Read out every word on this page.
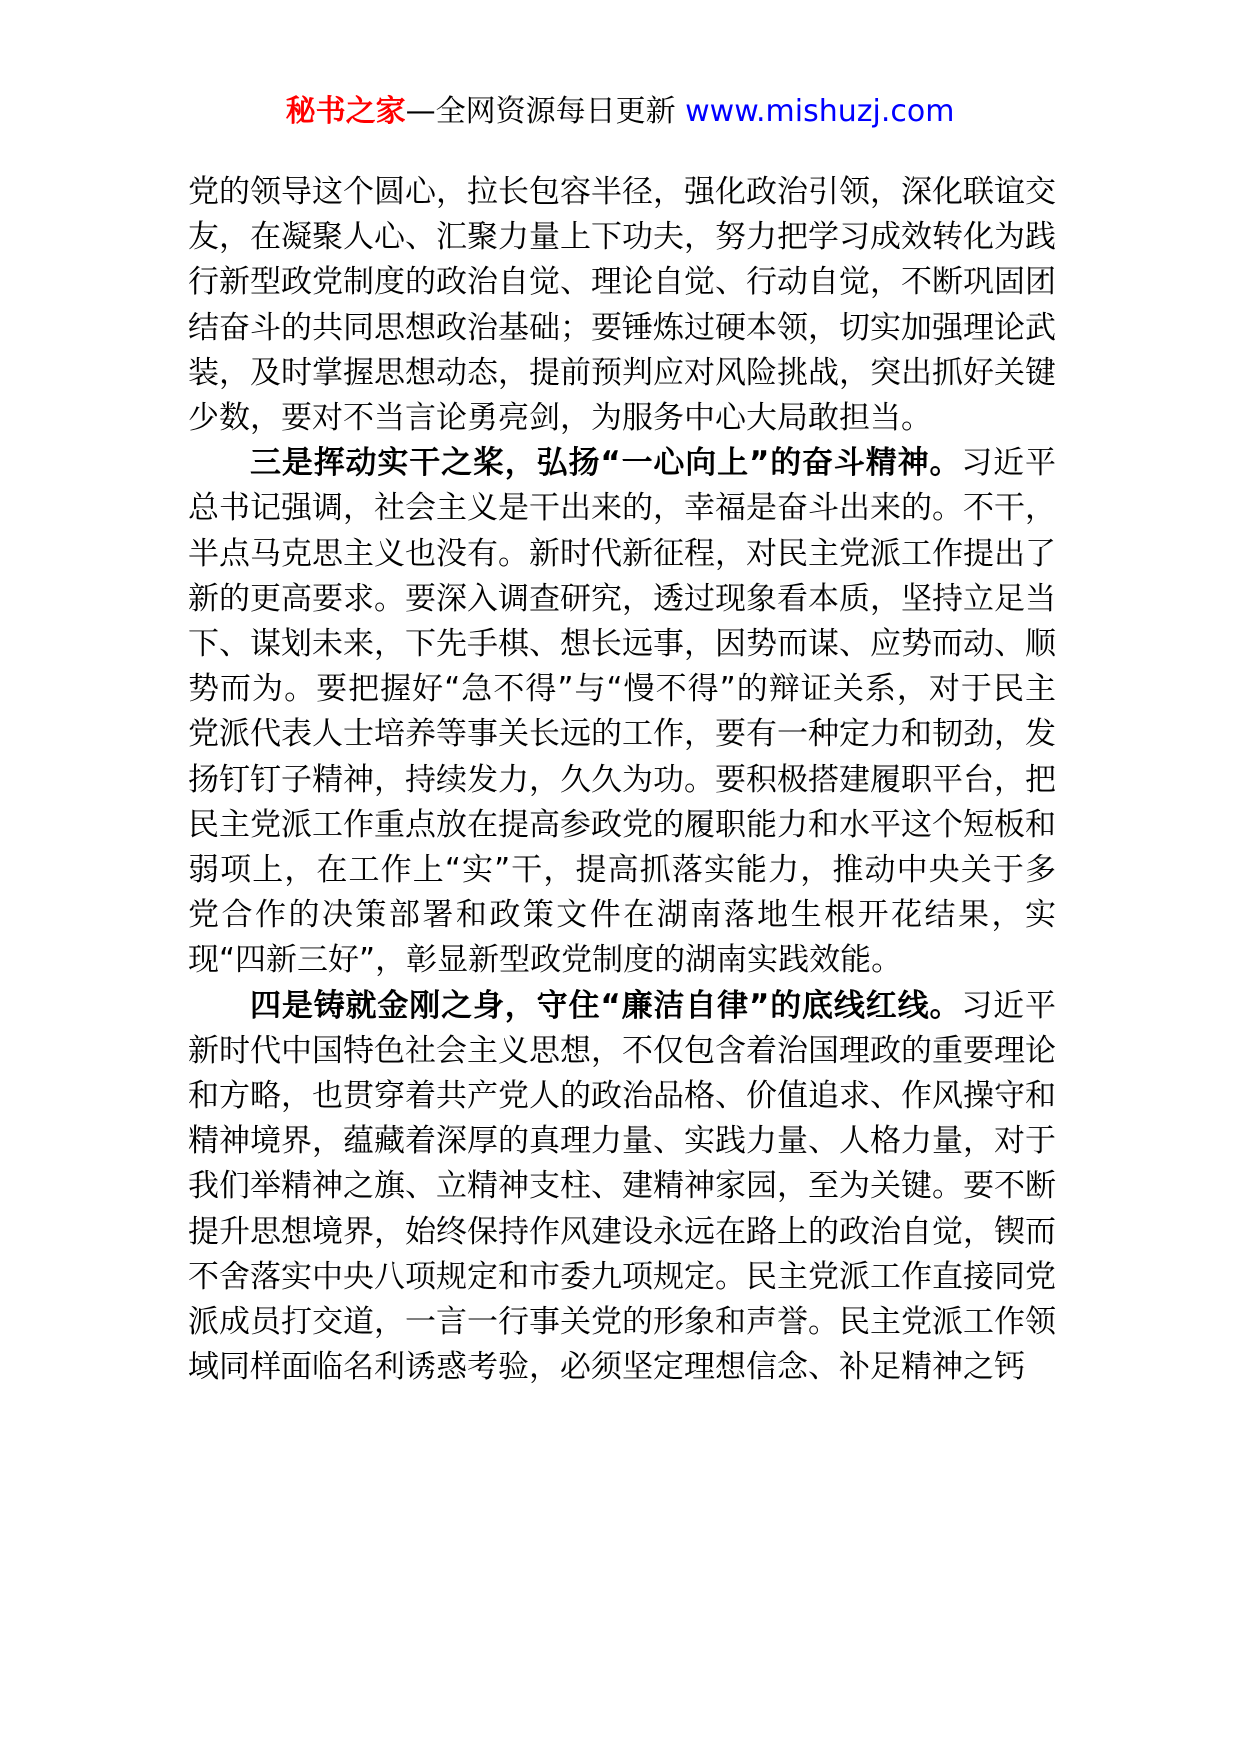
秘书之家—全网资源每日更新 www.mishuzj.com

党的领导这个圆心，拉长包容半径，强化政治引领，深化联谊交友，在凝聚人心、汇聚力量上下功夫，努力把学习成效转化为践行新型政党制度的政治自觉、理论自觉、行动自觉，不断巩固团结奋斗的共同思想政治基础；要锤炼过硬本领，切实加强理论武装，及时掌握思想动态，提前预判应对风险挑战，突出抓好关键少数，要对不当言论勇亮剑，为服务中心大局敢担当。

三是挥动实干之桨，弘扬“一心向上”的奋斗精神。习近平总书记强调，社会主义是干出来的，幸福是奋斗出来的。不干，半点马克思主义也没有。新时代新征程，对民主党派工作提出了新的更高要求。要深入调查研究，透过现象看本质，坚持立足当下、谋划未来，下先手棋、想长远事，因势而谋、应势而动、顺势而为。要把握好“急不得”与“慢不得”的辩证关系，对于民主党派代表人士培养等事关长远的工作，要有一种定力和韧劲，发扬钉钉子精神，持续发力，久久为功。要积极搭建履职平台，把民主党派工作重点放在提高参政党的履职能力和水平这个短板和弱项上，在工作上“实”干，提高抓落实能力，推动中央关于多党合作的决策部署和政策文件在湖南落地生根开花结果，实现“四新三好”，彰显新型政党制度的湖南实践效能。

四是铸就金刚之身，守住“廉洁自律”的底线红线。习近平新时代中国特色社会主义思想，不仅包含着治国理政的重要理论和方略，也贯穿着共产党人的政治品格、价值追求、作风操守和精神境界，蕴藏着深厚的真理力量、实践力量、人格力量，对于我们举精神之旗、立精神支柱、建精神家园，至为关键。要不断提升思想境界，始终保持作风建设永远在路上的政治自觉，锲而不舍落实中央八项规定和市委九项规定。民主党派工作直接同党派成员打交道，一言一行事关党的形象和声誉。民主党派工作领域同样面临名利诱惑考验，必须坚定理想信念、补足精神之钙
